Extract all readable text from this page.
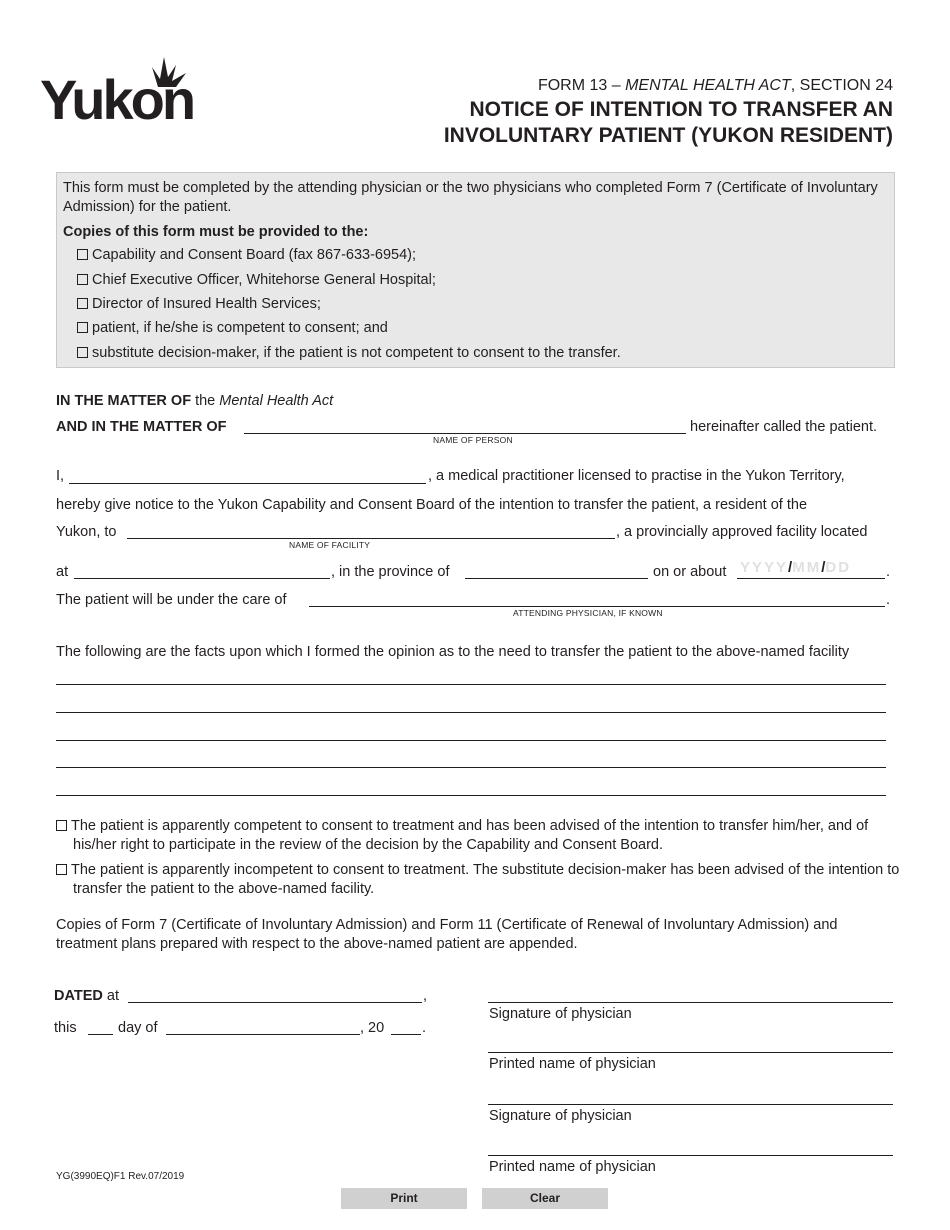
Yukon	FORM 13 – MENTAL HEALTH ACT, SECTION 24
NOTICE OF INTENTION TO TRANSFER AN
INVOLUNTARY PATIENT (YUKON RESIDENT)
This form must be completed by the attending physician or the two physicians who completed Form 7 (Certificate of Involuntary Admission) for the patient.
Copies of this form must be provided to the:
Capability and Consent Board (fax 867-633-6954);
Chief Executive Officer, Whitehorse General Hospital;
Director of Insured Health Services;
patient, if he/she is competent to consent; and
substitute decision-maker, if the patient is not competent to consent to the transfer.
IN THE MATTER OF the Mental Health Act
AND IN THE MATTER OF
NAME OF PERSON
hereinafter called the patient.
I,	, a medical practitioner licensed to practise in the Yukon Territory,
hereby give notice to the Yukon Capability and Consent Board of the intention to transfer the patient, a resident of the
Yukon, to
NAME OF FACILITY
, a provincially approved facility located
at	, in the province of	on or about YYYY/MM/DD .
The patient will be under the care of
ATTENDING PHYSICIAN, IF KNOWN
.
The following are the facts upon which I formed the opinion as to the need to transfer the patient to the above-named facility
The patient is apparently competent to consent to treatment and has been advised of the intention to transfer him/her, and of his/her right to participate in the review of the decision by the Capability and Consent Board.
The patient is apparently incompetent to consent to treatment. The substitute decision-maker has been advised of the intention to transfer the patient to the above-named facility.
Copies of Form 7 (Certificate of Involuntary Admission) and Form 11 (Certificate of Renewal of Involuntary Admission) and treatment plans prepared with respect to the above-named patient are appended.
DATED at	,
this	day of	, 20	.
Signature of physician
Printed name of physician
Signature of physician
Printed name of physician
YG(3990EQ)F1 Rev.07/2019
Print	Clear
